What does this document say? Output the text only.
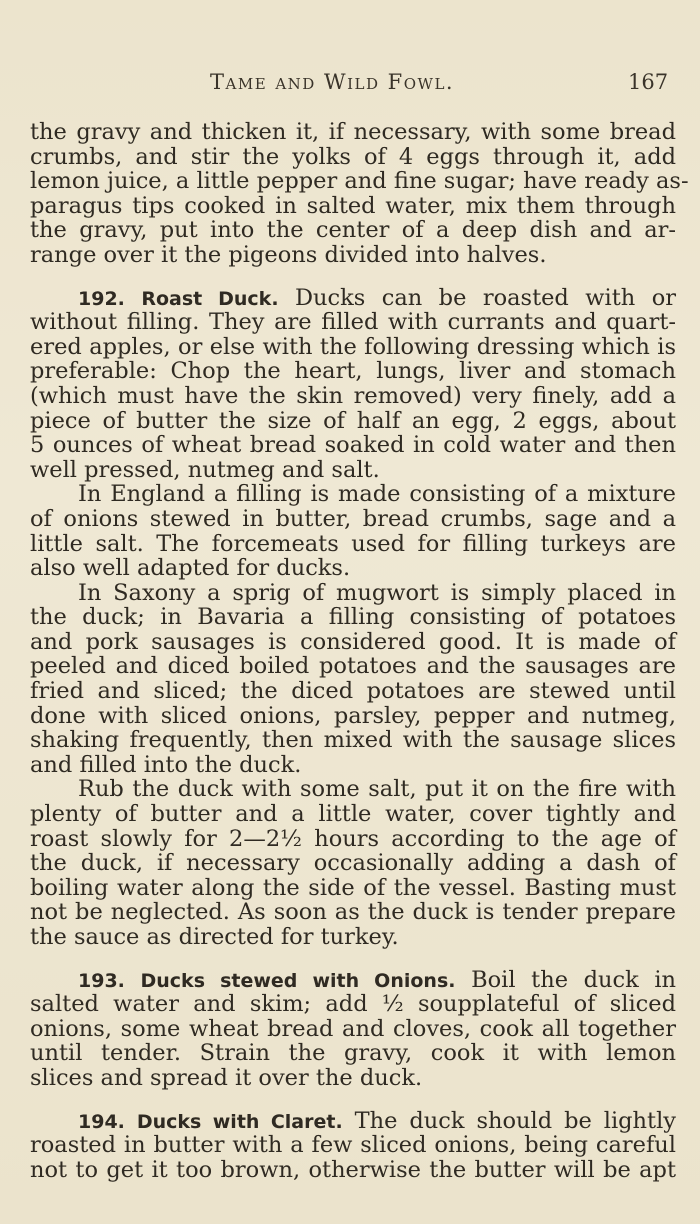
Tame and Wild Fowl.	167
the gravy and thicken it, if necessary, with some bread
crumbs, and stir the yolks of 4 eggs through it, add
lemon juice, a little pepper and fine sugar; have ready as-
paragus tips cooked in salted water, mix them through
the gravy, put into the center of a deep dish and ar-
range over it the pigeons divided into halves.
192. Roast Duck. Ducks can be roasted with or
without filling. They are filled with currants and quart-
ered apples, or else with the following dressing which is
preferable: Chop the heart, lungs, liver and stomach
(which must have the skin removed) very finely, add a
piece of butter the size of half an egg, 2 eggs, about
5 ounces of wheat bread soaked in cold water and then
well pressed, nutmeg and salt.
In England a filling is made consisting of a mixture
of onions stewed in butter, bread crumbs, sage and a
little salt. The forcemeats used for filling turkeys are
also well adapted for ducks.
In Saxony a sprig of mugwort is simply placed in
the duck; in Bavaria a filling consisting of potatoes
and pork sausages is considered good. It is made of
peeled and diced boiled potatoes and the sausages are
fried and sliced; the diced potatoes are stewed until
done with sliced onions, parsley, pepper and nutmeg,
shaking frequently, then mixed with the sausage slices
and filled into the duck.
Rub the duck with some salt, put it on the fire with
plenty of butter and a little water, cover tightly and
roast slowly for 2—2½ hours according to the age of
the duck, if necessary occasionally adding a dash of
boiling water along the side of the vessel. Basting must
not be neglected. As soon as the duck is tender prepare
the sauce as directed for turkey.
193. Ducks stewed with Onions. Boil the duck in
salted water and skim; add ½ soupplateful of sliced
onions, some wheat bread and cloves, cook all together
until tender. Strain the gravy, cook it with lemon
slices and spread it over the duck.
194. Ducks with Claret. The duck should be lightly
roasted in butter with a few sliced onions, being careful
not to get it too brown, otherwise the butter will be apt
